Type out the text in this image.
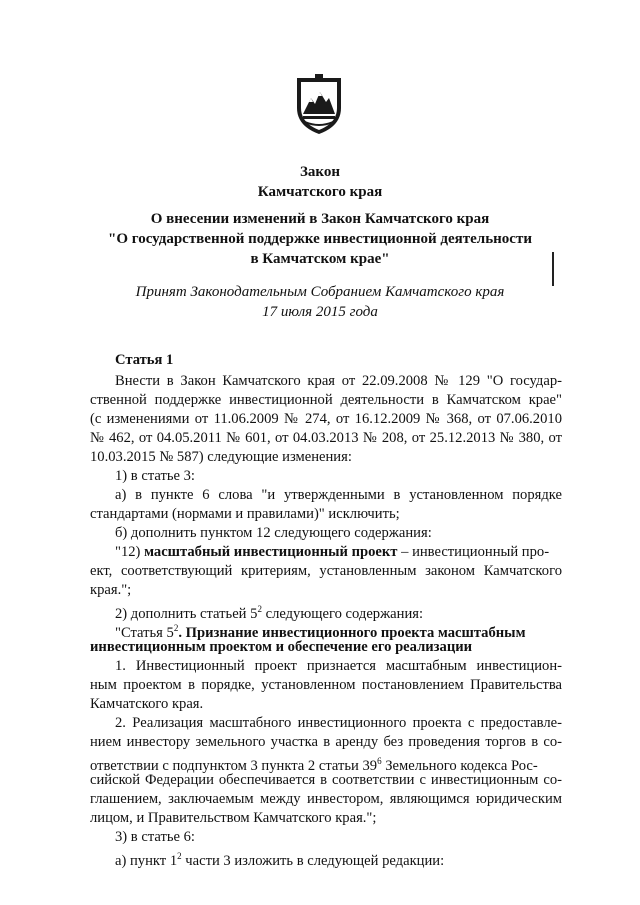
Закон
Камчатского края
О внесении изменений в Закон Камчатского края
"О государственной поддержке инвестиционной деятельности
в Камчатском крае"
Принят Законодательным Собранием Камчатского края
17 июля 2015 года
Статья 1
Внести в Закон Камчатского края от 22.09.2008 № 129 "О государ-
ственной поддержке инвестиционной деятельности в Камчатском крае"
(с изменениями от 11.06.2009 № 274, от 16.12.2009 № 368, от 07.06.2010
№ 462, от 04.05.2011 № 601, от 04.03.2013 № 208, от 25.12.2013 № 380, от
10.03.2015 № 587) следующие изменения:
1) в статье 3:
а) в пункте 6 слова "и утвержденными в установленном порядке
стандартами (нормами и правилами)" исключить;
б) дополнить пунктом 12 следующего содержания:
"12) масштабный инвестиционный проект – инвестиционный про-
ект, соответствующий критериям, установленным законом Камчатского
края.";
2) дополнить статьей $5^2$ следующего содержания:
"Статья $5^2$. Признание инвестиционного проекта масштабным
инвестиционным проектом и обеспечение его реализации
1. Инвестиционный проект признается масштабным инвестицион-
ным проектом в порядке, установленном постановлением Правительства
Камчатского края.
2. Реализация масштабного инвестиционного проекта с предоставле-
нием инвестору земельного участка в аренду без проведения торгов в со-
ответствии с подпунктом 3 пункта 2 статьи $39^6$ Земельного кодекса Рос-
сийской Федерации обеспечивается в соответствии с инвестиционным со-
глашением, заключаемым между инвестором, являющимся юридическим
лицом, и Правительством Камчатского края.";
3) в статье 6:
а) пункт $1^2$ части 3 изложить в следующей редакции:
